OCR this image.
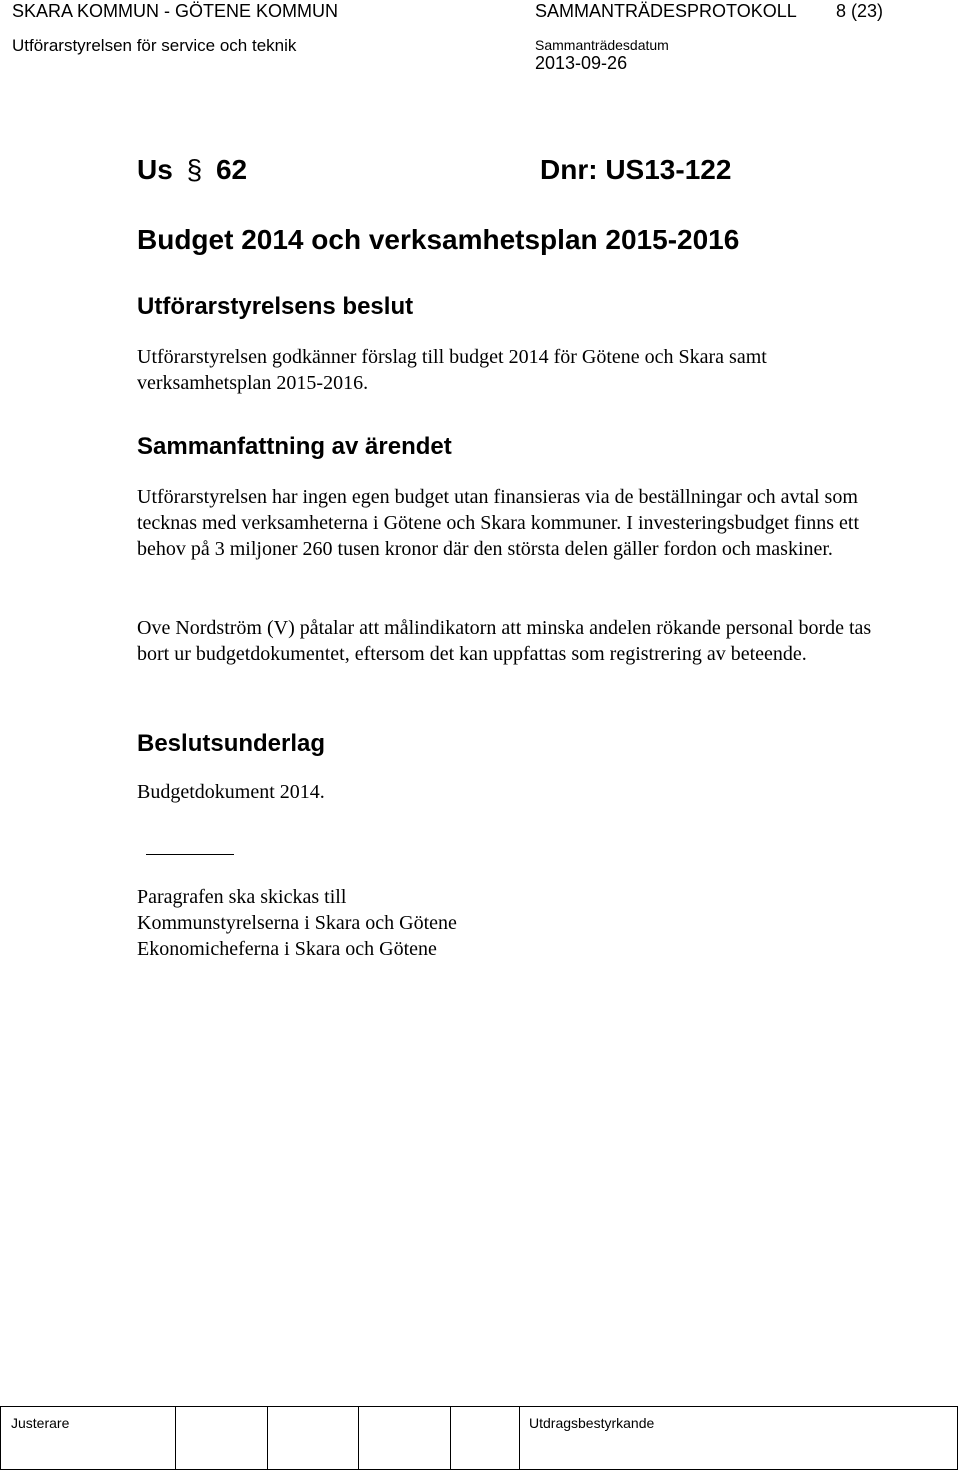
SKARA KOMMUN - GÖTENE KOMMUN	SAMMANTRÄDESPROTOKOLL 8 (23)
Utförarstyrelsen för service och teknik	Sammanträdesdatum
2013-09-26
Us § 62	Dnr: US13-122
Budget 2014 och verksamhetsplan 2015-2016
Utförarstyrelsens beslut
Utförarstyrelsen godkänner förslag till budget 2014 för Götene och Skara samt verksamhetsplan 2015-2016.
Sammanfattning av ärendet
Utförarstyrelsen har ingen egen budget utan finansieras via de beställningar och avtal som tecknas med verksamheterna i Götene och Skara kommuner. I investeringsbudget finns ett behov på 3 miljoner 260 tusen kronor där den största delen gäller fordon och maskiner.
Ove Nordström (V) påtalar att målindikatorn att minska andelen rökande personal borde tas bort ur budgetdokumentet, eftersom det kan uppfattas som registrering av beteende.
Beslutsunderlag
Budgetdokument 2014.
Paragrafen ska skickas till
Kommunstyrelserna i Skara och Götene
Ekonomicheferna i Skara och Götene
Justerare	Utdragsbestyrkande
